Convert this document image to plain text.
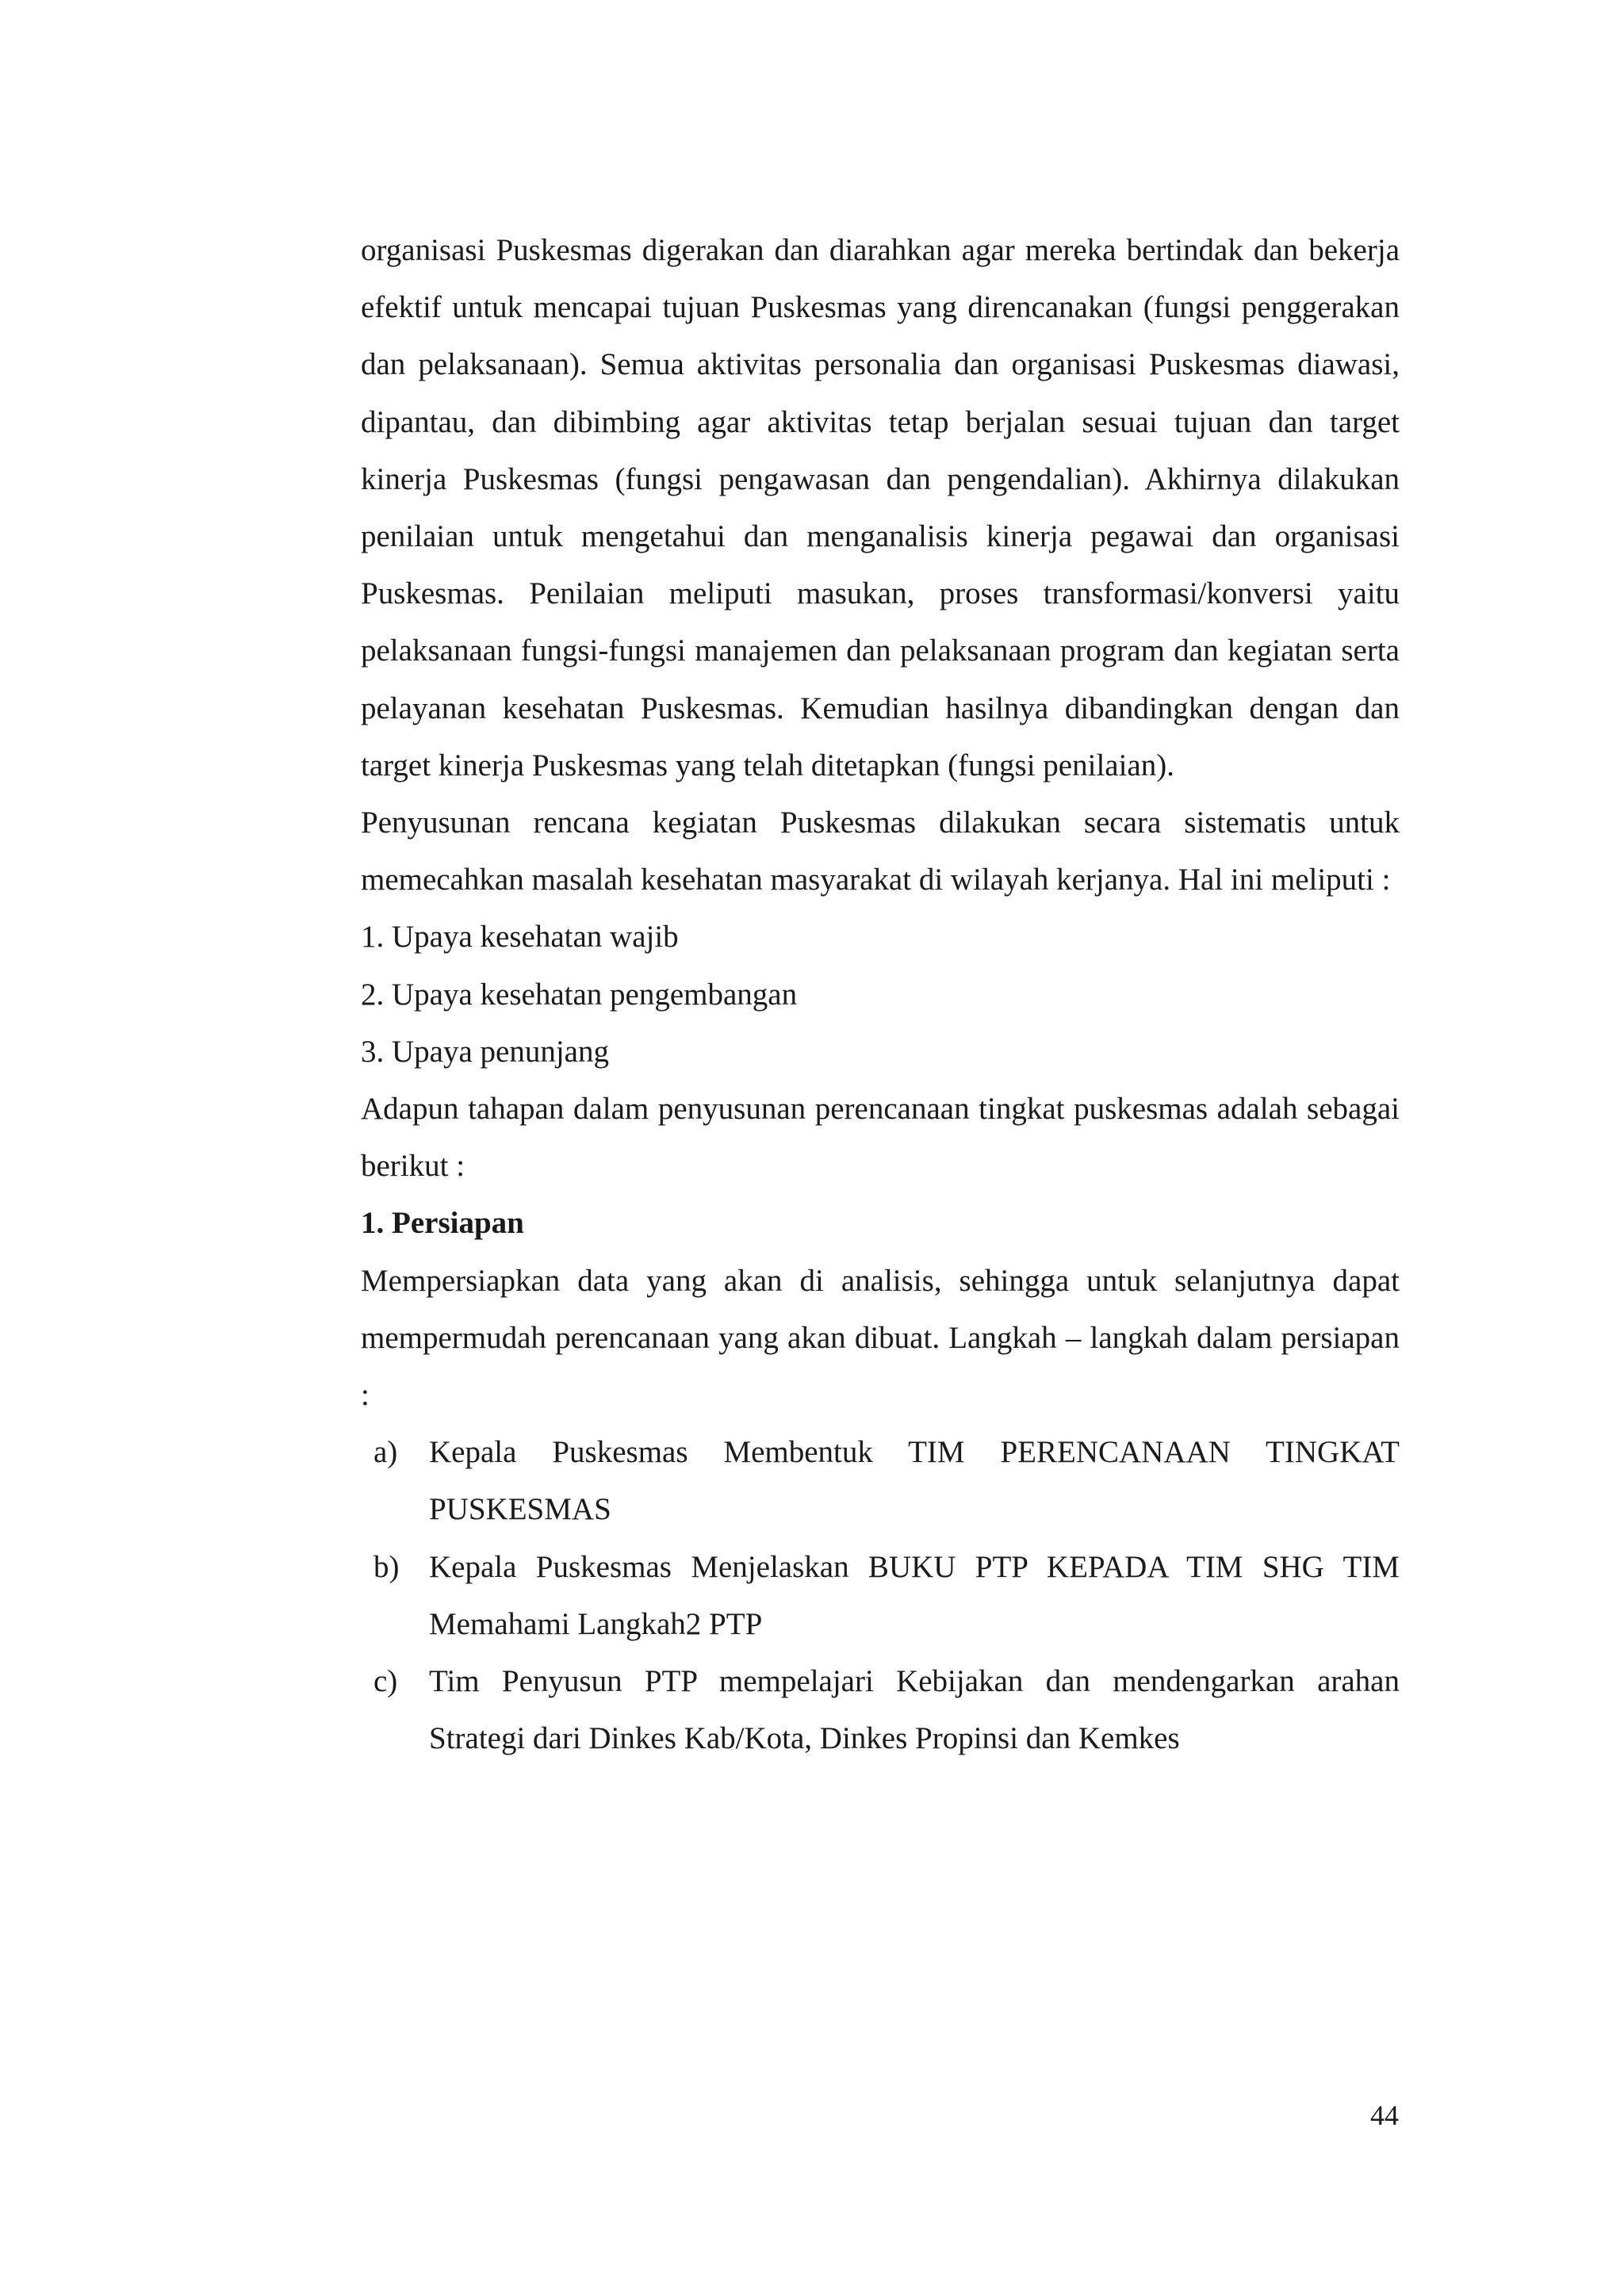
organisasi Puskesmas digerakan dan diarahkan agar mereka bertindak dan bekerja efektif untuk mencapai tujuan Puskesmas yang direncanakan (fungsi penggerakan dan pelaksanaan). Semua aktivitas personalia dan organisasi Puskesmas diawasi, dipantau, dan dibimbing agar aktivitas tetap berjalan sesuai tujuan dan target kinerja Puskesmas (fungsi pengawasan dan pengendalian). Akhirnya dilakukan penilaian untuk mengetahui dan menganalisis kinerja pegawai dan organisasi Puskesmas. Penilaian meliputi masukan, proses transformasi/konversi yaitu pelaksanaan fungsi-fungsi manajemen dan pelaksanaan program dan kegiatan serta pelayanan kesehatan Puskesmas. Kemudian hasilnya dibandingkan dengan dan target kinerja Puskesmas yang telah ditetapkan (fungsi penilaian).

Penyusunan rencana kegiatan Puskesmas dilakukan secara sistematis untuk memecahkan masalah kesehatan masyarakat di wilayah kerjanya. Hal ini meliputi :

1. Upaya kesehatan wajib
2. Upaya kesehatan pengembangan
3. Upaya penunjang

Adapun tahapan dalam penyusunan perencanaan tingkat puskesmas adalah sebagai berikut :

1. Persiapan

Mempersiapkan data yang akan di analisis, sehingga untuk selanjutnya dapat mempermudah perencanaan yang akan dibuat. Langkah – langkah dalam persiapan :

a) Kepala Puskesmas Membentuk TIM PERENCANAAN TINGKAT PUSKESMAS
b) Kepala Puskesmas Menjelaskan BUKU PTP KEPADA TIM SHG TIM Memahami Langkah2 PTP
c) Tim Penyusun PTP mempelajari Kebijakan dan mendengarkan arahan Strategi dari Dinkes Kab/Kota, Dinkes Propinsi dan Kemkes
44
